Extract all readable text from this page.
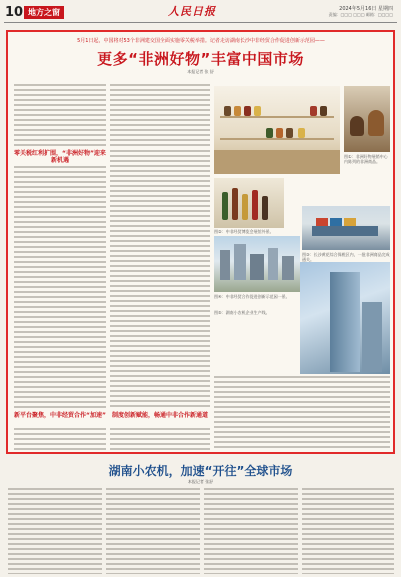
10 地方之窗	人民日报	2024年5月16日 星期四
责编：□□□ □□□ 邮箱：□□□□
5月1日起，中国将对53个非洲建交国全面实施零关税举措。记者走访湖南长沙中非经贸合作促进创新示范园——
更多“非洲好物”丰富中国市场
本报记者 张 舒

零关税红利扩围，“非洲好物”迎来新机遇
新平台聚焦，中非经贸合作“加速”	制度创新赋能，畅通中非合作新通道
图①：非洲好物展销中心内陈列的非洲商品。
图②：中非经贸博览会展馆外景。
图③：长沙黄花综合保税区内，一批非洲商品完成通关。
图④：中非经贸合作促进创新示范园一景。
图⑤：湖南小农机企业生产线。
湖南小农机，加速“开往”全球市场
本报记者 张舒
